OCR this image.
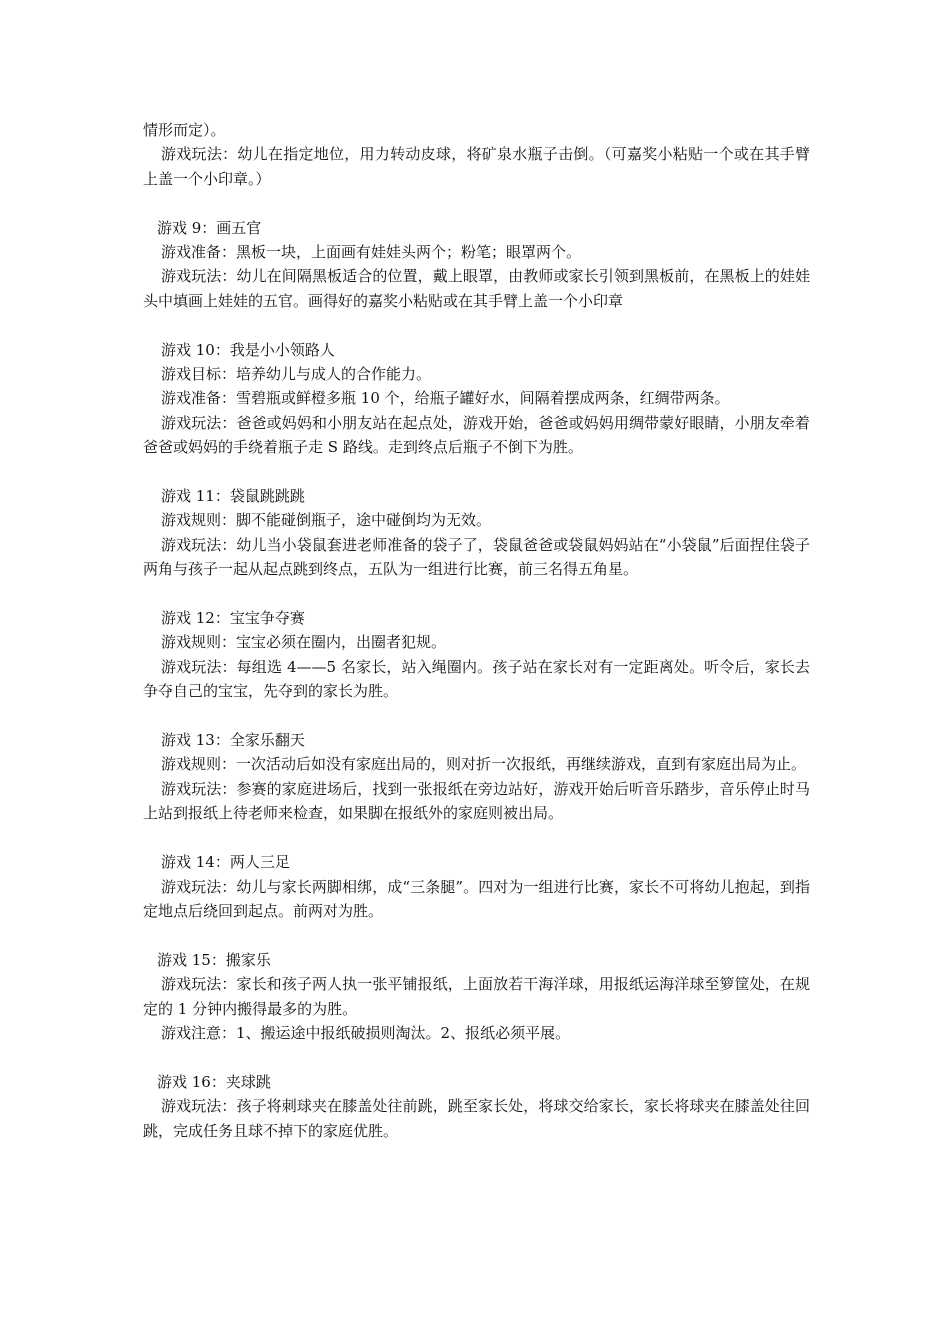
情形而定）。

游戏玩法：幼儿在指定地位，用力转动皮球，将矿泉水瓶子击倒。（可嘉奖小粘贴一个或在其手臂上盖一个小印章。）

游戏 9：画五官

游戏准备：黑板一块，上面画有娃娃头两个；粉笔；眼罩两个。

游戏玩法：幼儿在间隔黑板适合的位置，戴上眼罩，由教师或家长引领到黑板前，在黑板上的娃娃头中填画上娃娃的五官。画得好的嘉奖小粘贴或在其手臂上盖一个小印章

游戏 10：我是小小领路人

游戏目标：培养幼儿与成人的合作能力。

游戏准备：雪碧瓶或鲜橙多瓶 10 个，给瓶子罐好水，间隔着摆成两条，红绸带两条。

游戏玩法：爸爸或妈妈和小朋友站在起点处，游戏开始，爸爸或妈妈用绸带蒙好眼睛，小朋友牵着爸爸或妈妈的手绕着瓶子走 S 路线。走到终点后瓶子不倒下为胜。

游戏 11：袋鼠跳跳跳

游戏规则：脚不能碰倒瓶子，途中碰倒均为无效。

游戏玩法：幼儿当小袋鼠套进老师准备的袋子了，袋鼠爸爸或袋鼠妈妈站在“小袋鼠”后面捏住袋子两角与孩子一起从起点跳到终点，五队为一组进行比赛，前三名得五角星。

游戏 12：宝宝争夺赛

游戏规则：宝宝必须在圈内，出圈者犯规。

游戏玩法：每组选 4——5 名家长，站入绳圈内。孩子站在家长对有一定距离处。听令后，家长去争夺自己的宝宝，先夺到的家长为胜。

游戏 13：全家乐翻天

游戏规则：一次活动后如没有家庭出局的，则对折一次报纸，再继续游戏，直到有家庭出局为止。

游戏玩法：参赛的家庭进场后，找到一张报纸在旁边站好，游戏开始后听音乐踏步，音乐停止时马上站到报纸上待老师来检查，如果脚在报纸外的家庭则被出局。

游戏 14：两人三足

游戏玩法：幼儿与家长两脚相绑，成“三条腿”。四对为一组进行比赛，家长不可将幼儿抱起，到指定地点后绕回到起点。前两对为胜。

游戏 15：搬家乐

游戏玩法：家长和孩子两人执一张平铺报纸，上面放若干海洋球，用报纸运海洋球至箩筐处，在规定的 1 分钟内搬得最多的为胜。

游戏注意：1、搬运途中报纸破损则淘汰。2、报纸必须平展。

游戏 16：夹球跳

游戏玩法：孩子将刺球夹在膝盖处往前跳，跳至家长处，将球交给家长，家长将球夹在膝盖处往回跳，完成任务且球不掉下的家庭优胜。
